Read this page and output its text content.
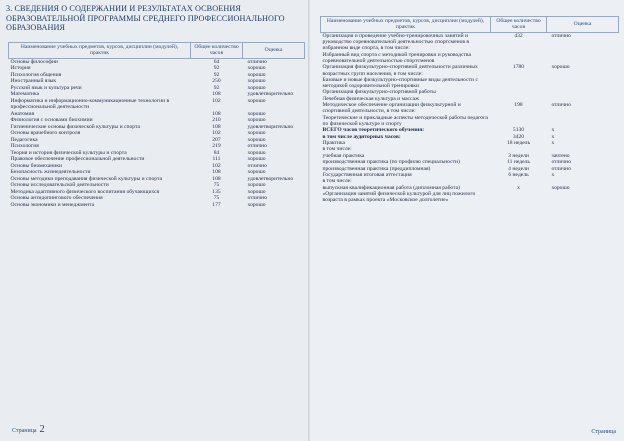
3. СВЕДЕНИЯ О СОДЕРЖАНИИ И РЕЗУЛЬТАТАХ ОСВОЕНИЯ ОБРАЗОВАТЕЛЬНОЙ ПРОГРАММЫ СРЕДНЕГО ПРОФЕССИОНАЛЬНОГО ОБРАЗОВАНИЯ
Наименование учебных предметов, курсов, дисциплин (модулей), практик	Общее количество часов	Оценка
Основы философии	64	отлично
История	92	хорошо
Психология общения	92	хорошо
Иностранный язык	250	хорошо
Русский язык и культура речи	92	хорошо
Математика	108	удовлетворительно
Информатика и информационно-коммуникационные технологии в профессиональной деятельности	102	хорошо
Анатомия	108	хорошо
Физиология с основами биохимии	210	хорошо
Гигиенические основы физической культуры и спорта	108	удовлетворительно
Основы врачебного контроля	102	хорошо
Педагогика	207	хорошо
Психология	219	отлично
Теория и история физической культуры и спорта	84	хорошо
Правовое обеспечение профессиональной деятельности	111	хорошо
Основы биомеханики	102	отлично
Безопасность жизнедеятельности	108	хорошо
Основы методики преподавания физической культуры и спорта	108	удовлетворительно
Основы исследовательской деятельности	75	хорошо
Методика адаптивного физического воспитания обучающихся	135	хорошо
Основы антидопингового обеспечения	75	отлично
Основы экономики и менеджмента	177	хорошо
Страница 2
Наименование учебных предметов, курсов, дисциплин (модулей), практик	Общее количество часов	Оценка
Организация и проведение учебно-тренировочных занятий и руководство соревновательной деятельностью спортсменов в избранном виде спорта, в том числе:	432	отлично
Избранный вид спорта с методикой тренировки и руководства соревновательной деятельностью спортсменов		
Организация физкультурно-спортивной деятельности различных возрастных групп населения, в том числе:	1780	хорошо
Базовые и новые физкультурно-спортивные виды деятельности с методикой оздоровительной тренировки		
Организация физкультурно-спортивной работы		
Лечебная физическая культура и массаж		
Методическое обеспечение организации физкультурной и спортивной деятельности, в том числе:	198	отлично
Теоретические и прикладные аспекты методической работы педагога по физической культуре и спорту		
ВСЕГО часов теоретического обучения:	5130	x
в том числе аудиторных часов:	3420	x
Практика	18 недель	x
в том числе:		
учебная практика	3 недели	зачтено
производственная практика (по профилю специальности)	11 недель	отлично
производственная практика (преддипломная)	4 недели	отлично
Государственная итоговая аттестация	6 недель	x
в том числе:		
выпускная квалификационная работа (дипломная работа) «Организация занятий физической культурой для лиц пожилого возраста в рамках проекта «Московское долголетие»	x	хорошо
Страница
